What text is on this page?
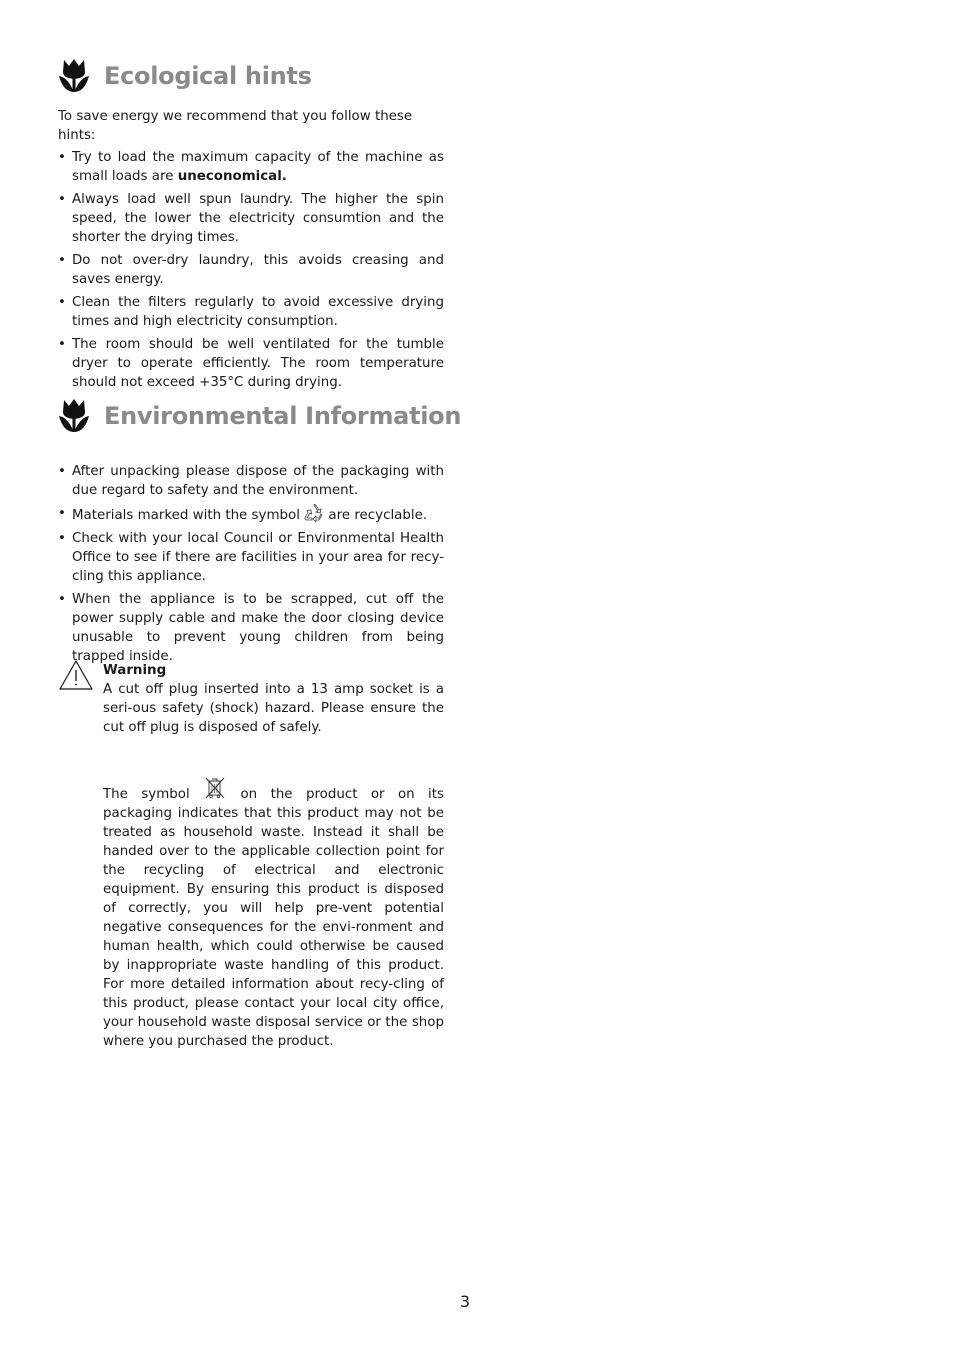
Ecological hints

To save energy we recommend that you follow these hints:

• Try to load the maximum capacity of the machine as small loads are uneconomical.
• Always load well spun laundry. The higher the spin speed, the lower the electricity consumtion and the shorter the drying times.
• Do not over-dry laundry, this avoids creasing and saves energy.
• Clean the filters regularly to avoid excessive drying times and high electricity consumption.
• The room should be well ventilated for the tumble dryer to operate efficiently. The room temperature should not exceed +35°C during drying.
Environmental Information
• After unpacking please dispose of the packaging with due regard to safety and the environment.
• Materials marked with the symbol  are recyclable.
• Check with your local Council or Environmental Health Office to see if there are facilities in your area for recy-cling this appliance.
• When the appliance is to be scrapped, cut off the power supply cable and make the door closing device unusable to prevent young children from being trapped inside.
Warning
A cut off plug inserted into a 13 amp socket is a seri-ous safety (shock) hazard. Please ensure the cut off plug is disposed of safely.
The symbol  on the product or on its packaging indicates that this product may not be treated as household waste. Instead it shall be handed over to the applicable collection point for the recycling of electrical and electronic equipment. By ensuring this product is disposed of correctly, you will help pre-vent potential negative consequences for the envi-ronment and human health, which could otherwise be caused by inappropriate waste handling of this product. For more detailed information about recy-cling of this product, please contact your local city office, your household waste disposal service or the shop where you purchased the product.
3
